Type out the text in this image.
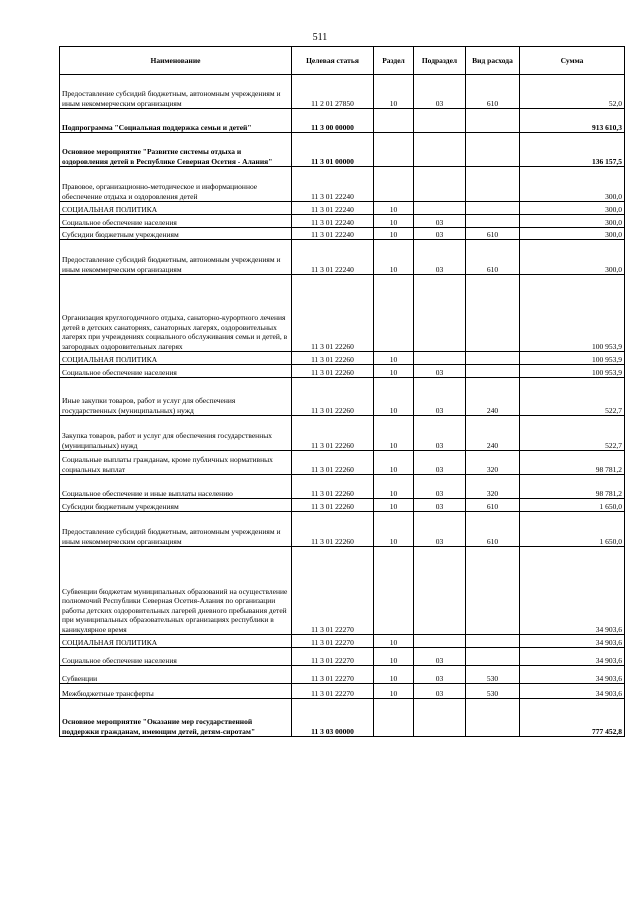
511
Наименование	Целевая статья	Раздел	Подраздел	Вид расхода	Сумма
Предоставление субсидий бюджетным, автономным учреждениям и иным некоммерческим организациям	11 2 01 27850	10	03	610	52,0
Подпрограмма "Социальная поддержка семьи и детей"	11 3 00 00000				913 610,3
Основное мероприятие "Развитие системы отдыха и оздоровления детей в Республике Северная Осетия - Алания"	11 3 01 00000				136 157,5
Правовое, организационно-методическое и информационное обеспечение отдыха и оздоровления детей	11 3 01 22240				300,0
СОЦИАЛЬНАЯ ПОЛИТИКА	11 3 01 22240	10			300,0
Социальное обеспечение населения	11 3 01 22240	10	03		300,0
Субсидии бюджетным учреждениям	11 3 01 22240	10	03	610	300,0
Предоставление субсидий бюджетным, автономным учреждениям и иным некоммерческим организациям	11 3 01 22240	10	03	610	300,0
Организация круглогодичного отдыха, санаторно-курортного лечения детей в детских санаториях, санаторных лагерях, оздоровительных лагерях при учреждениях социального обслуживания семьи и детей, в загородных оздоровительных лагерях	11 3 01 22260				100 953,9
СОЦИАЛЬНАЯ ПОЛИТИКА	11 3 01 22260	10			100 953,9
Социальное обеспечение населения	11 3 01 22260	10	03		100 953,9
Иные закупки товаров, работ и услуг для обеспечения государственных (муниципальных) нужд	11 3 01 22260	10	03	240	522,7
Закупка товаров, работ и услуг для обеспечения государственных (муниципальных) нужд	11 3 01 22260	10	03	240	522,7
Социальные выплаты гражданам, кроме публичных нормативных социальных выплат	11 3 01 22260	10	03	320	98 781,2
Социальное обеспечение и иные выплаты населению	11 3 01 22260	10	03	320	98 781,2
Субсидии бюджетным учреждениям	11 3 01 22260	10	03	610	1 650,0
Предоставление субсидий бюджетным, автономным учреждениям и иным некоммерческим организациям	11 3 01 22260	10	03	610	1 650,0
Субвенции бюджетам муниципальных образований на осуществление полномочий Республики Северная Осетия-Алания по организации работы детских оздоровительных лагерей дневного пребывания детей при муниципальных образовательных организациях республики в каникулярное время	11 3 01 22270				34 903,6
СОЦИАЛЬНАЯ ПОЛИТИКА	11 3 01 22270	10			34 903,6
Социальное обеспечение населения	11 3 01 22270	10	03		34 903,6
Субвенции	11 3 01 22270	10	03	530	34 903,6
Межбюджетные трансферты	11 3 01 22270	10	03	530	34 903,6
Основное мероприятие "Оказание мер государственной поддержки гражданам, имеющим детей, детям-сиротам"	11 3 03 00000				777 452,8
